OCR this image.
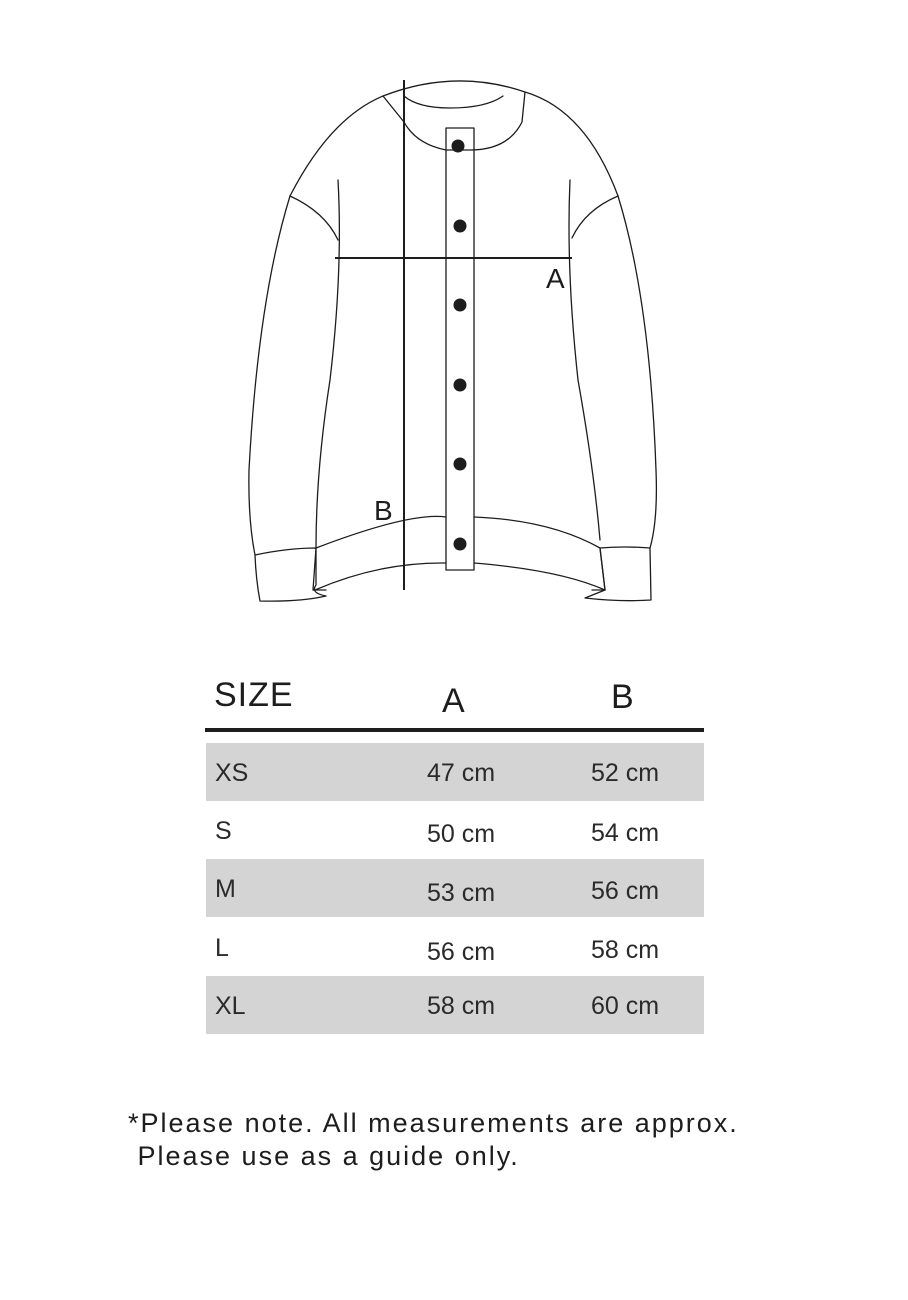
A
B
SIZE	A	B
XS	47 cm	52 cm
S	50 cm	54 cm
M	53 cm	56 cm
L	56 cm	58 cm
XL	58 cm	60 cm
*Please note. All measurements are approx.
Please use as a guide only.
